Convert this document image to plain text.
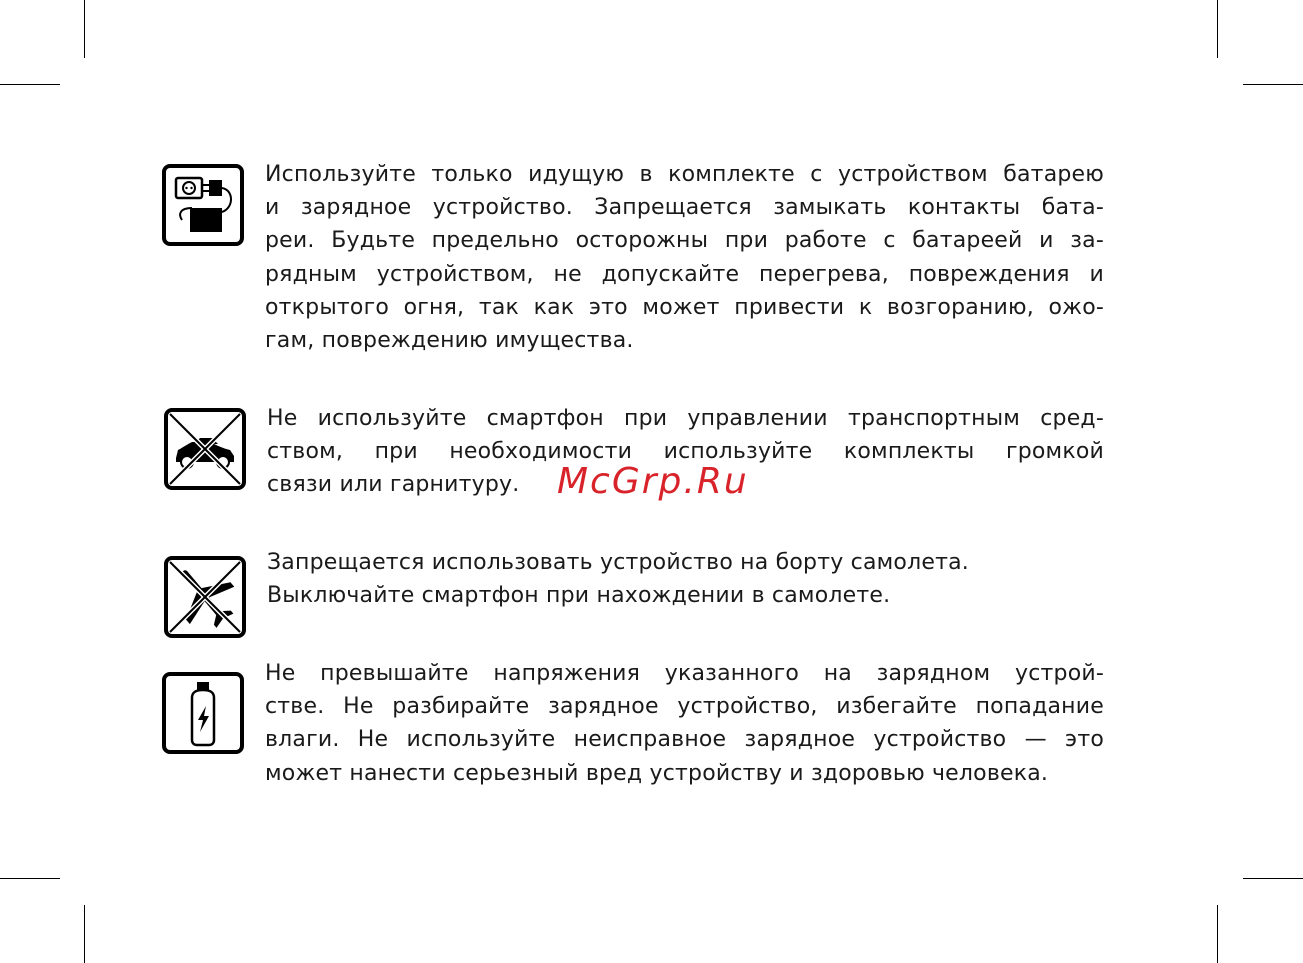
Используйте только идущую в комплекте с устройством батарею
и зарядное устройство. Запрещается замыкать контакты бата-
реи. Будьте предельно осторожны при работе с батареей и за-
рядным устройством, не допускайте перегрева, повреждения и
открытого огня, так как это может привести к возгоранию, ожо-
гам, повреждению имущества.
Не используйте смартфон при управлении транспортным сред-
ством, при необходимости используйте комплекты громкой
связи или гарнитуру.
Запрещается использовать устройство на борту самолета.
Выключайте смартфон при нахождении в самолете.
Не превышайте напряжения указанного на зарядном устрой-
стве. Не разбирайте зарядное устройство, избегайте попадание
влаги. Не используйте неисправное зарядное устройство — это
может нанести серьезный вред устройству и здоровью человека.
McGrp.Ru
